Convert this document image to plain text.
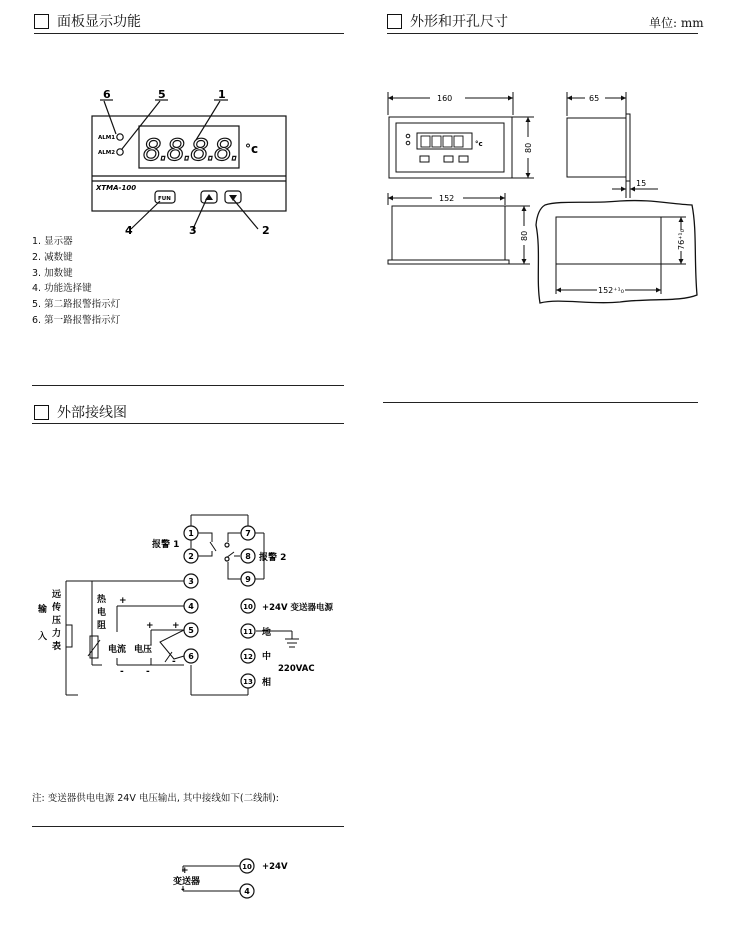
面板显示功能	外形和开孔尺寸	单位: mm
外部接线图
6	5	1
4	3	2
ALM1
ALM2 8.8.8.8. °c
XTMA-100
FUN
1. 显示器
2. 减数键
3. 加数键
4. 功能选择键
5. 第二路报警指示灯
6. 第一路报警指示灯
160	65
15
152
152⁺¹₀
80
80	76⁺¹₀
°c
1
2
3
4
5
6
7
8
9
10
11
12
13
报警 1
报警 2
+24V 变送器电源
地
中
相
220VAC
输
入
远
传
压
力
表
热
电
阻
电流 电压
+
+ +
- -
-
注: 变送器供电电源 24V 电压输出, 其中接线如下(二线制):
10
4
变送器
+24V
+
-
